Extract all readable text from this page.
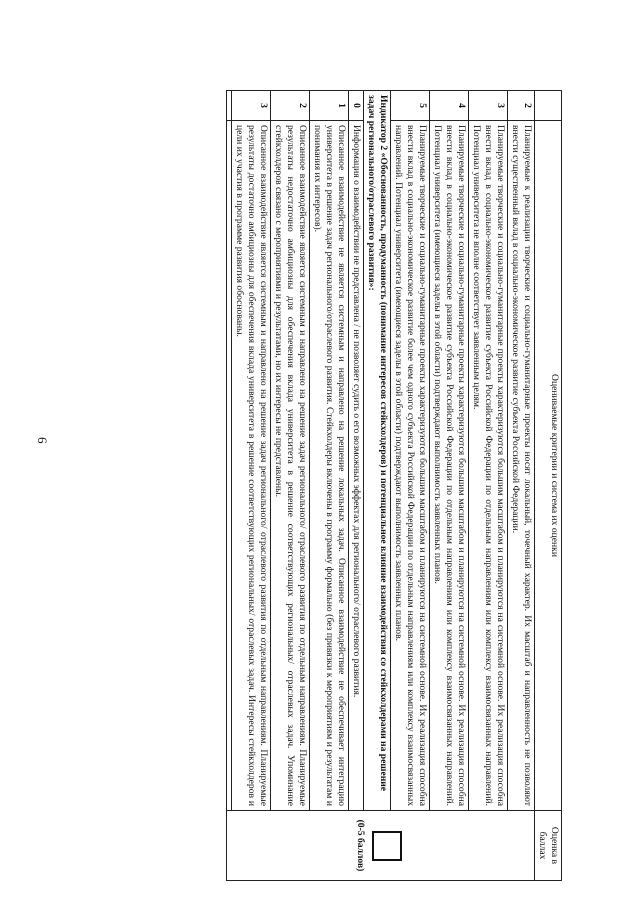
6
		Оцениваемые критерии и система их оценки	Оценка в баллах
2	Планируемые к реализации творческие и социально-гуманитарные проекты носят локальный, точечный характер. Их масштаб и направленность не позволяют внести существенный вклад в социально-экономическое развитие субъекта Российской Федерации.	(0-5 баллов)

3	Планируемые творческие и социально-гуманитарные проекты характеризуются большим масштабом и планируются на системной основе. Их реализация способна внести вклад в социально-экономическое развитие субъекта Российской Федерации по отдельным направлениям или комплексу взаимосвязанных направлений. Потенциал университета не вполне соответствует заявленным целям.	

4	Планируемые творческие и социально-гуманитарные проекты характеризуются большим масштабом и планируются на системной основе. Их реализация способна внести вклад в социально-экономическое развитие субъекта Российской Федерации по отдельным направлениям или комплексу взаимосвязанных направлений. Потенциал университета (имеющиеся заделы в этой области) подтверждают выполнимость заявленных планов.	

5	Планируемые творческие и социально-гуманитарные проекты характеризуются большим масштабом и планируются на системной основе. Их реализация способна внести вклад в социально-экономическое развитие более чем одного субъекта Российской Федерации по отдельным направлениям или комплексу взаимосвязанных направлений. Потенциал университета (имеющиеся заделы в этой области) подтверждают выполнимость заявленных планов.	

Индикатор 2 «Обоснованность, продуманность (понимание интересов стейкхолдеров) и потенциальное влияние взаимодействия со стейкхолдерами на решение задач регионального/отраслевого развития»:		
0	Информация о взаимодействии не представлена / не позволяет судить о его возможных эффектах для регионального/ отраслевого развития.	

1	Описанное взаимодействие не является системным и направлено на решение локальных задач. Описанное взаимодействие не обеспечивает интеграцию университета в решение задач регионального/отраслевого развития. Стейкхолдеры включены в программу формально (без привязки к мероприятиям и результатам и понимания их интересов).	

2	Описанное взаимодействие является системным и направлено на решение задач регионального/ отраслевого развития по отдельным направлениям. Планируемые результаты недостаточно амбициозны для обеспечения вклада университета в решение соответствующих региональных/ отраслевых задач. Упоминание стейкхолдеров связано с мероприятиями и результатами, но их интересы не представлены.	

3	Описанное взаимодействие является системным и направлено на решение задач регионального/ отраслевого развития по отдельным направлениям. Планируемые результаты достаточно амбициозны для обеспечения вклада университета в решение соответствующих региональных/ отраслевых задач. Интересы стейкхолдеров и цели их участия в программе развития обоснованы.	
